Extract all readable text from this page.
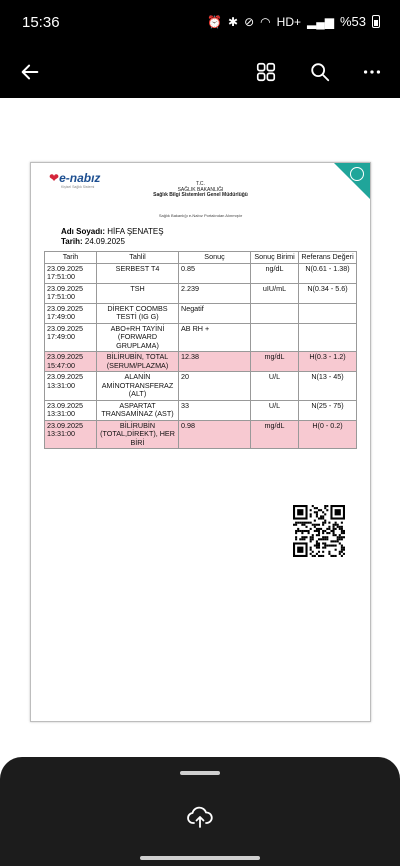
15:36	⏰ ✱ ⊘ ◠ HD+ ▂▄▆ %53
❤e-nabız
Kişisel Sağlık Sistemi	T.C.
SAĞLIK BAKANLIĞI
Sağlık Bilgi Sistemleri Genel Müdürlüğü
Sağlık Bakanlığı e-Nabız Portalından Alınmıştır
Adı Soyadı: HİFA ŞENATEŞ
Tarih: 24.09.2025
Tarih	Tahlil	Sonuç	Sonuç Birimi	Referans Değeri
23.09.2025 17:51:00	SERBEST T4	0.85	ng/dL	N(0.61 - 1.38)
23.09.2025 17:51:00	TSH	2.239	uIU/mL	N(0.34 - 5.6)
23.09.2025 17:49:00	DİREKT COOMBS TESTİ (IG G)	Negatif		
23.09.2025 17:49:00	ABO+RH TAYİNİ (FORWARD GRUPLAMA)	AB RH +		
23.09.2025 15:47:00	BİLİRUBİN, TOTAL (SERUM/PLAZMA)	12.38	mg/dL	H(0.3 - 1.2)
23.09.2025 13:31:00	ALANİN AMİNOTRANSFERAZ (ALT)	20	U/L	N(13 - 45)
23.09.2025 13:31:00	ASPARTAT TRANSAMİNAZ (AST)	33	U/L	N(25 - 75)
23.09.2025 13:31:00	BİLİRUBİN (TOTAL,DİREKT), HER BİRİ	0.98	mg/dL	H(0 - 0.2)
